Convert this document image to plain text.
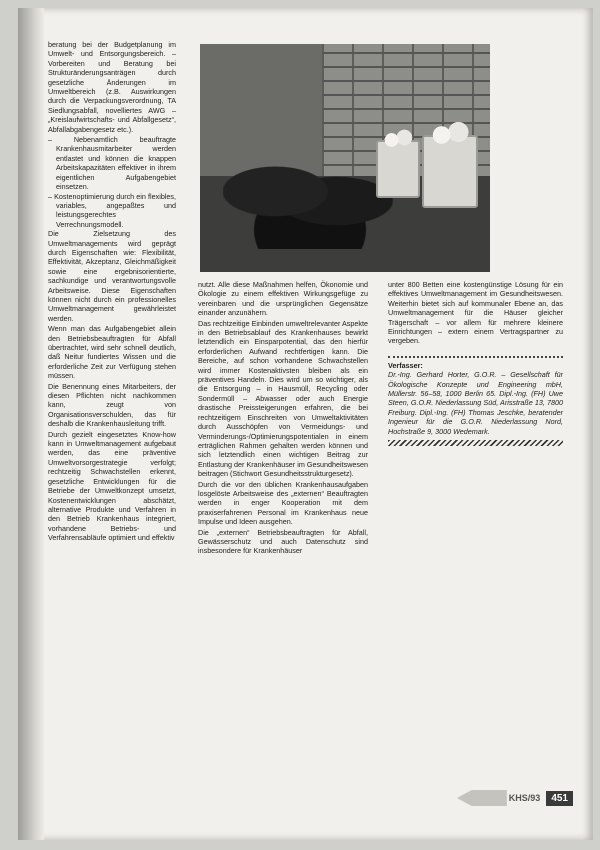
beratung bei der Budgetplanung im Umwelt- und Entsorgungsbereich. – Vorbereiten und Beratung bei Strukturänderungsanträgen durch gesetzliche Änderungen im Umweltbereich (z.B. Auswirkungen durch die Verpackungsverordnung, TA Siedlungsabfall, novelliertes AWG – „Kreislaufwirtschafts- und Abfallgesetz“, Abfallabgabengesetz etc.).

– Nebenamtlich beauftragte Krankenhausmitarbeiter werden entlastet und können die knappen Arbeitskapazitäten effektiver in ihrem eigentlichen Aufgabengebiet einsetzen.
– Kostenoptimierung durch ein flexibles, variables, angepaßtes und leistungsgerechtes Verrechnungsmodell.

Die Zielsetzung des Umweltmanagements wird geprägt durch Eigenschaften wie: Flexibilität, Effektivität, Akzeptanz, Gleichmäßigkeit sowie eine ergebnisorientierte, sachkundige und verantwortungsvolle Arbeitsweise. Diese Eigenschaften können nicht durch ein professionelles Umweltmanagement gewährleistet werden.

Wenn man das Aufgabengebiet allein den Betriebsbeauftragten für Abfall übertrachtet, wird sehr schnell deutlich, daß Neitur fundiertes Wissen und die erforderliche Zeit zur Verfügung stehen müssen.

Die Benennung eines Mitarbeiters, der diesen Pflichten nicht nachkommen kann, zeugt von Organisationsverschulden, das für deshalb die Krankenhausleitung trifft.

Durch gezielt eingesetztes Know-how kann in Umweltmanagement aufgebaut werden, das eine präventive Umweltvorsorgestrategie verfolgt; rechtzeitig Schwachstellen erkennt, gesetzliche Entwicklungen für die Betriebe der Umweltkonzept umsetzt, Kostenentwicklungen abschätzt, alternative Produkte und Verfahren in den Betrieb Krankenhaus integriert, vorhandene Betriebs- und Verfahrensabläufe optimiert und effektiv

nutzt. Alle diese Maßnahmen helfen, Ökonomie und Ökologie zu einem effektiven Wirkungsgefüge zu vereinbaren und die ursprünglichen Gegensätze einander anzunähern.

Das rechtzeitige Einbinden umweltrelevanter Aspekte in den Betriebsablauf des Krankenhauses bewirkt letztendlich ein Einsparpotential, das den hierfür erforderlichen Aufwand rechtfertigen kann. Die Bereiche, auf schon vorhandene Schwachstellen wird immer Kostenaktivsten bleiben als ein präventives Handeln. Dies wird um so wichtiger, als die Entsorgung – in Hausmüll, Recycling oder Sondermüll – Abwasser oder auch Energie drastische Preissteigerungen erfahren, die bei rechtzeitigem Einschreiten von Umweltaktivitäten durch Ausschöpfen von Vermeidungs- und Verminderungs-/Optimierungspotentialen in einem erträglichen Rahmen gehalten werden können und sich letztendlich einen wichtigen Beitrag zur Entlastung der Krankenhäuser im Gesundheitswesen beitragen (Stichwort Gesundheitsstrukturgesetz).

Durch die vor den üblichen Krankenhausaufgaben losgelöste Arbeitsweise des „externen“ Beauftragten werden in enger Kooperation mit dem praxiserfahrenen Personal im Krankenhaus neue Impulse und Ideen ausgehen.

Die „externen“ Betriebsbeauftragten für Abfall, Gewässerschutz und auch Datenschutz sind insbesondere für Krankenhäuser

unter 800 Betten eine kostengünstige Lösung für ein effektives Umweltmanagement im Gesundheitswesen. Weiterhin bietet sich auf kommunaler Ebene an, das Umweltmanagement für die Häuser gleicher Trägerschaft – vor allem für mehrere kleinere Einrichtungen – extern einem Vertragspartner zu vergeben.

Verfasser:

Dr.-Ing. Gerhard Horter, G.O.R. – Gesellschaft für Ökologische Konzepte und Engineering mbH, Müllerstr. 56–58, 1000 Berlin 65. Dipl.-Ing. (FH) Uwe Steen, G.O.R. Niederlassung Süd, Arisstraße 13, 7800 Freiburg. Dipl.-Ing. (FH) Thomas Jeschke, beratender Ingenieur für die G.O.R. Niederlassung Nord, Hochstraße 9, 3000 Wedemark.

KHS/93	451
